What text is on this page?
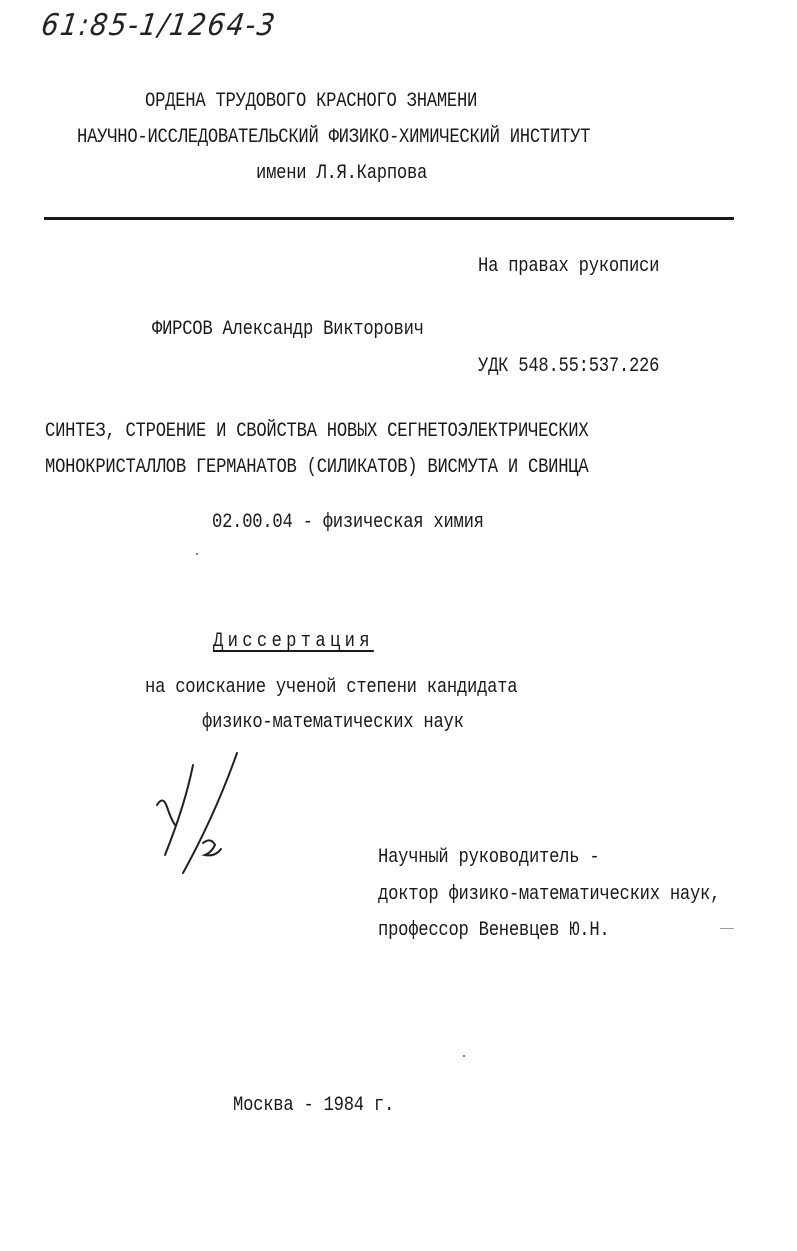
61:85-1/1264-3
ОРДЕНА ТРУДОВОГО КРАСНОГО ЗНАМЕНИ
НАУЧНО-ИССЛЕДОВАТЕЛЬСКИЙ ФИЗИКО-ХИМИЧЕСКИЙ ИНСТИТУТ
имени Л.Я.Карпова
На правах рукописи
ФИРСОВ Александр Викторович
УДК 548.55:537.226
СИНТЕЗ, СТРОЕНИЕ И СВОЙСТВА НОВЫХ СЕГНЕТОЭЛЕКТРИЧЕСКИХ
МОНОКРИСТАЛЛОВ ГЕРМАНАТОВ (СИЛИКАТОВ) ВИСМУТА И СВИНЦА
02.00.04 - физическая химия
Диссертация
на соискание ученой степени кандидата
физико-математических наук
Научный руководитель -
доктор физико-математических наук,
профессор Веневцев Ю.Н.
Москва - 1984 г.
